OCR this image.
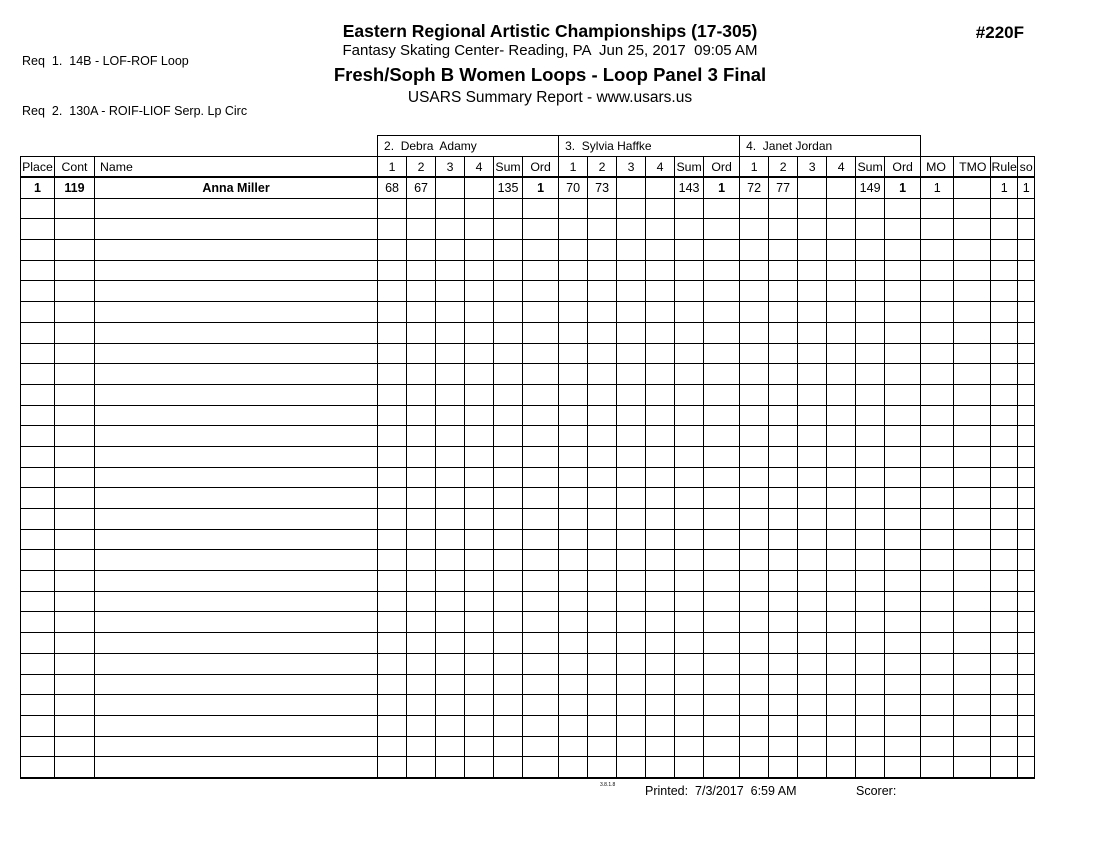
Req  1.  14B - LOF-ROF Loop

Req  2.  130A - ROIF-LIOF Serp. Lp Circ

Eastern Regional Artistic Championships (17-305)
Fantasy Skating Center- Reading, PA  Jun 25, 2017  09:05 AM
Fresh/Soph B Women Loops - Loop Panel 3 Final
USARS Summary Report - www.usars.us
#220F
			2.  Debra  Adamy						3.  Sylvia Haffke						4.  Janet Jordan									
Place	Cont	Name	1	2	3	4	Sum	Ord	1	2	3	4	Sum	Ord	1	2	3	4	Sum	Ord	MO	TMO	Rule	so
1	119	Anna Miller	68	67			135	1	70	73			143	1	72	77			149	1	1		1	1

3.8.1.8 Printed:  7/3/2017  6:59 AM	Scorer:
